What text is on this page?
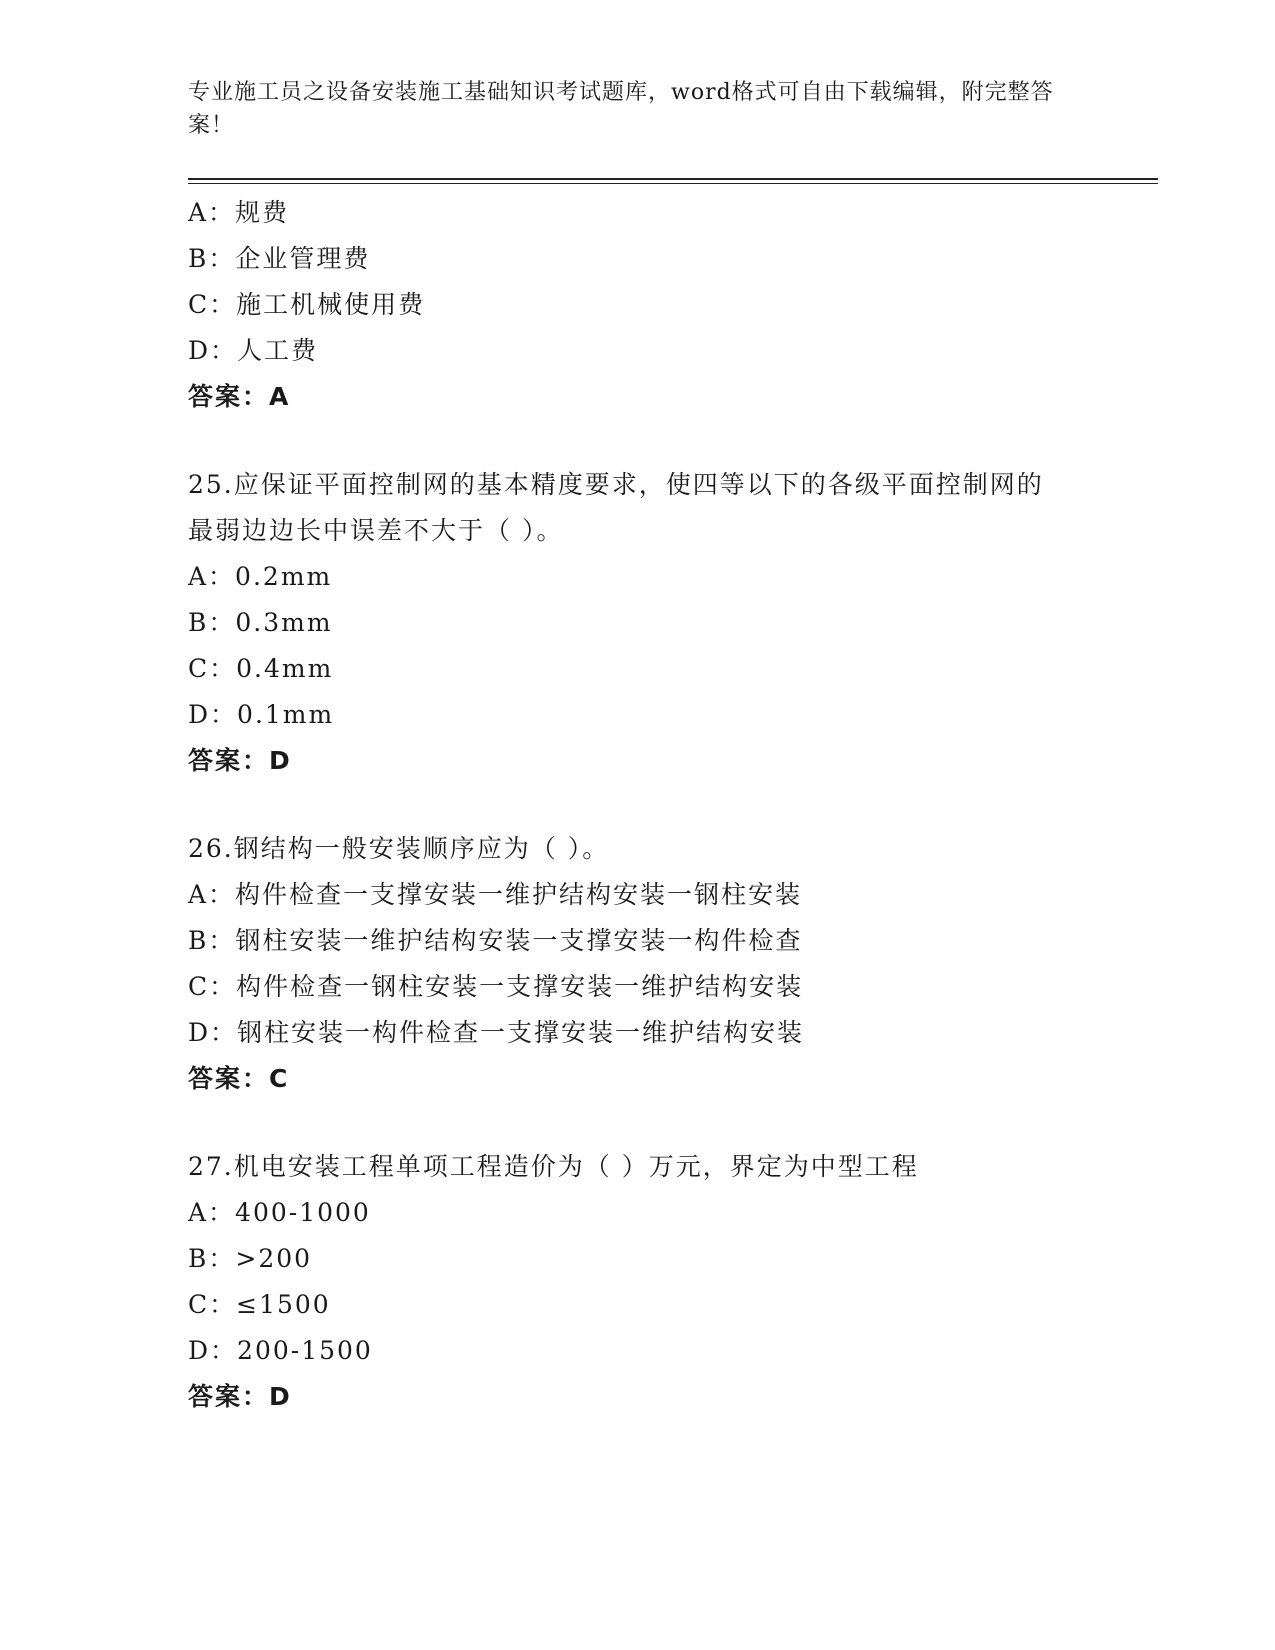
专业施工员之设备安装施工基础知识考试题库，word格式可自由下载编辑，附完整答案！
A：规费
B：企业管理费
C：施工机械使用费
D：人工费
答案：A
25.应保证平面控制网的基本精度要求，使四等以下的各级平面控制网的最弱边边长中误差不大于（ ）。
A：0.2mm
B：0.3mm
C：0.4mm
D：0.1mm
答案：D
26.钢结构一般安装顺序应为（ ）。
A：构件检查一支撑安装一维护结构安装一钢柱安装
B：钢柱安装一维护结构安装一支撑安装一构件检查
C：构件检查一钢柱安装一支撑安装一维护结构安装
D：钢柱安装一构件检查一支撑安装一维护结构安装
答案：C
27.机电安装工程单项工程造价为（ ）万元，界定为中型工程
A：400-1000
B：>200
C：≤1500
D：200-1500
答案：D
